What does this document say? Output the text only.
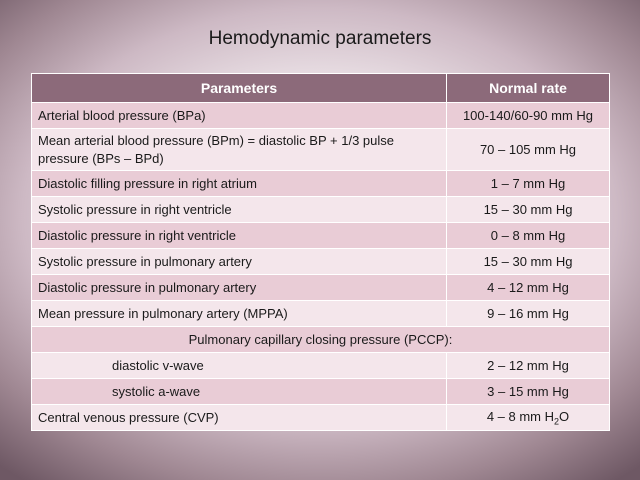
Hemodynamic parameters
Parameters	Normal rate
Arterial blood pressure (BPa)	100-140/60-90 mm Hg
Mean arterial blood pressure (BPm) = diastolic BP + 1/3 pulse pressure (BPs – BPd)	70 – 105 mm Hg
Diastolic filling pressure in right atrium	1 – 7 mm Hg
Systolic pressure in right ventricle	15 – 30 mm Hg
Diastolic pressure in right ventricle	0 – 8 mm Hg
Systolic pressure in pulmonary artery	15 – 30 mm Hg
Diastolic pressure in pulmonary artery	4 – 12 mm Hg
Mean pressure in pulmonary artery (MPPA)	9 – 16 mm Hg
Pulmonary capillary closing pressure (PCCP):	
diastolic v-wave	2 – 12 mm Hg
systolic a-wave	3 – 15 mm Hg
Central venous pressure (CVP)	4 – 8 mm $H_2O$
